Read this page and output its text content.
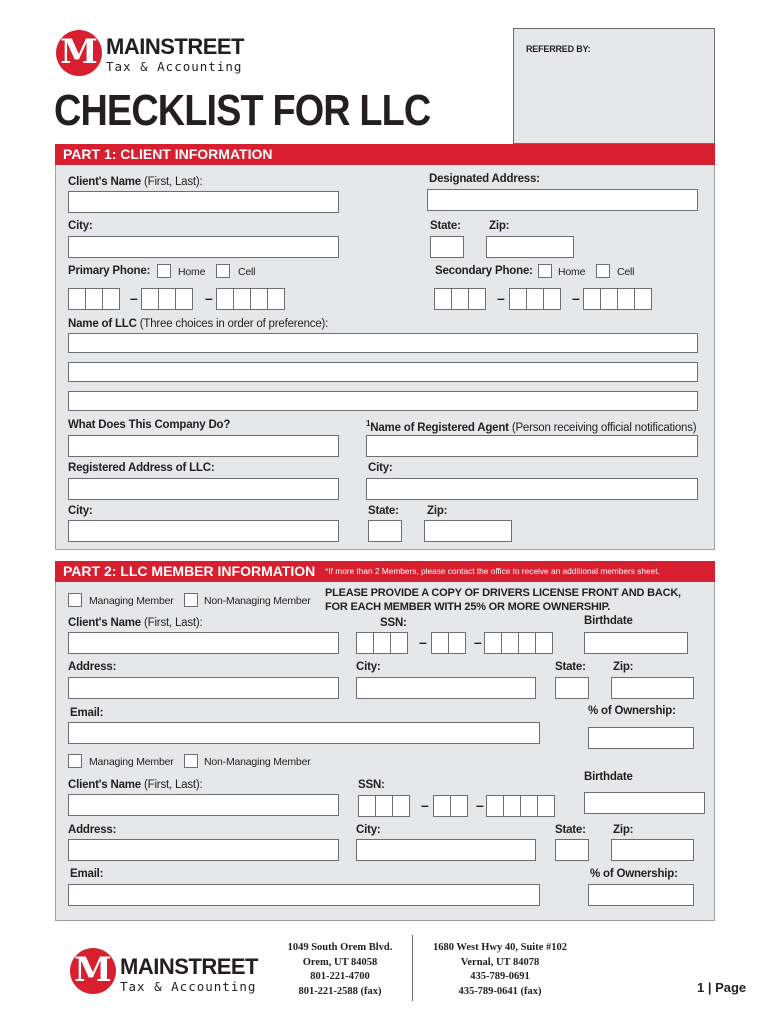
M MAINSTREET
Tax & Accounting
CHECKLIST FOR LLC
REFERRED BY:
PART 1: CLIENT INFORMATION
Client's Name (First, Last):	Designated Address:
City:	State: Zip:
Primary Phone:	Home	Cell
–	–
Secondary Phone: Home	Cell
–	–
Name of LLC (Three choices in order of preference):
What Does This Company Do?	$^1$Name of Registered Agent (Person receiving official notifications)
Registered Address of LLC:	City:
City:	State: Zip:
PART 2: LLC MEMBER INFORMATION *If more than 2 Members, please contact the office to receive an additional members sheet.
PLEASE PROVIDE A COPY OF DRIVERS LICENSE FRONT AND BACK,
FOR EACH MEMBER WITH 25% OR MORE OWNERSHIP.
Managing Member	Non-Managing Member
Client's Name (First, Last):	SSN:
–	–
Birthdate
Address:	City:	State: Zip:
Email:	% of Ownership:
Managing Member	Non-Managing Member
Client's Name (First, Last):	SSN:
–	–
Birthdate
Address:	City:	State: Zip:
Email:	% of Ownership:
M MAINSTREET
Tax & Accounting
1049 South Orem Blvd.
Orem, UT 84058
801-221-4700
801-221-2588 (fax)
1680 West Hwy 40, Suite #102
Vernal, UT 84078
435-789-0691
435-789-0641 (fax)	1 | Page
